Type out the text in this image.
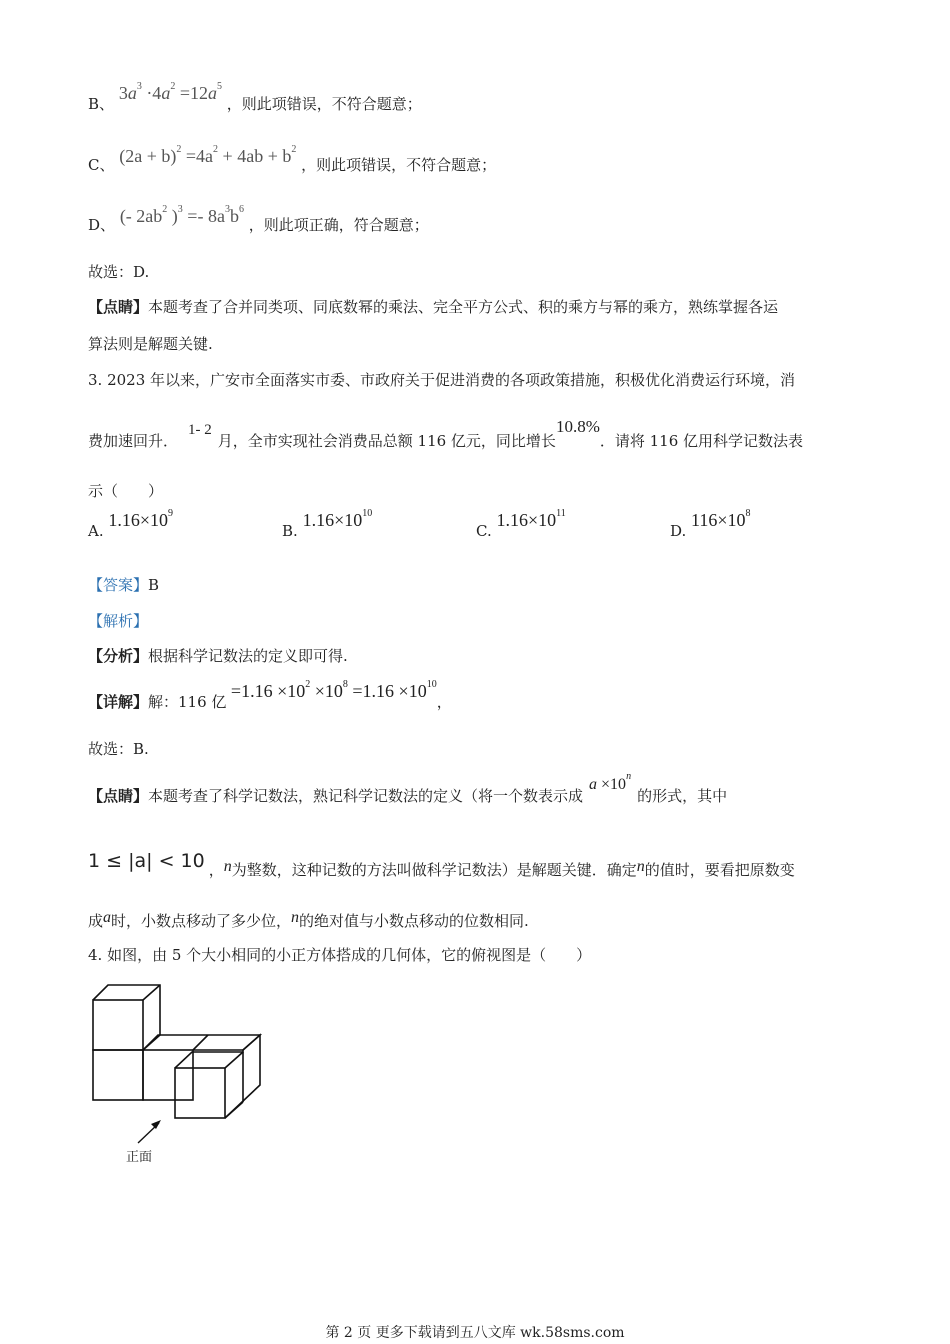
B、 $3a^3 \cdot 4a^2 =12a^5$ ，则此项错误，不符合题意；
C、 $(2a + b)^2 =4a^2 + 4ab + b^2$ ，则此项错误，不符合题意；
D、 (- $2ab^2$ )$^3 =- 8a^3b^6$ ，则此项正确，符合题意；
故选：D.
【点睛】本题考查了合并同类项、同底数幂的乘法、完全平方公式、积的乘方与幂的乘方，熟练掌握各运
算法则是解题关键.
3. 2023 年以来，广安市全面落实市委、市政府关于促进消费的各项政策措施，积极优化消费运行环境，消
费加速回升．1- 2月，全市实现社会消费品总额 116 亿元，同比增长10.8%．请将 116 亿用科学记数法表
示（　　）
A. $1.16\times 10^9$
B. $1.16\times 10^{10}$
C. $1.16\times 10^{11}$
D. $116\times 10^8$
【答案】B
【解析】
【分析】根据科学记数法的定义即可得.
【详解】解：116 亿 $=1.16 \times 10^2 \times 10^8 =1.16 \times 10^{10}$，
故选：B.
【点睛】本题考查了科学记数法，熟记科学记数法的定义（将一个数表示成$a \times 10^n$的形式，其中
1 ≤ |a| < 10 ，n为整数，这种记数的方法叫做科学记数法）是解题关键．确定n的值时，要看把原数变
成a时，小数点移动了多少位，n的绝对值与小数点移动的位数相同.
4. 如图，由 5 个大小相同的小正方体搭成的几何体，它的俯视图是（　　）
正面
第 2 页 更多下载请到五八文库 wk.58sms.com
